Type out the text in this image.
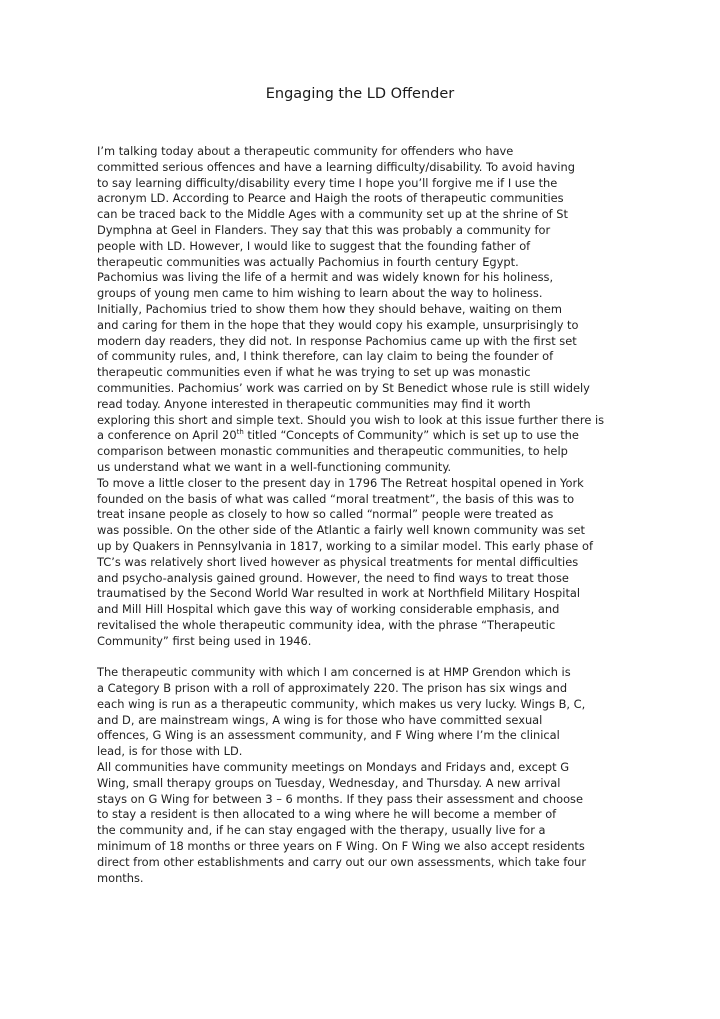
Engaging the LD Offender
I’m talking today about a therapeutic community for offenders who have
committed serious offences and have a learning difficulty/disability. To avoid having
to say learning difficulty/disability every time I hope you’ll forgive me if I use the
acronym LD. According to Pearce and Haigh the roots of therapeutic communities
can be traced back to the Middle Ages with a community set up at the shrine of St
Dymphna at Geel in Flanders. They say that this was probably a community for
people with LD. However, I would like to suggest that the founding father of
therapeutic communities was actually Pachomius in fourth century Egypt.
Pachomius was living the life of a hermit and was widely known for his holiness,
groups of young men came to him wishing to learn about the way to holiness.
Initially, Pachomius tried to show them how they should behave, waiting on them
and caring for them in the hope that they would copy his example, unsurprisingly to
modern day readers, they did not. In response Pachomius came up with the first set
of community rules, and, I think therefore, can lay claim to being the founder of
therapeutic communities even if what he was trying to set up was monastic
communities. Pachomius’ work was carried on by St Benedict whose rule is still widely
read today. Anyone interested in therapeutic communities may find it worth
exploring this short and simple text. Should you wish to look at this issue further there is
a conference on April 20th titled “Concepts of Community” which is set up to use the
comparison between monastic communities and therapeutic communities, to help
us understand what we want in a well-functioning community.
To move a little closer to the present day in 1796 The Retreat hospital opened in York
founded on the basis of what was called “moral treatment”, the basis of this was to
treat insane people as closely to how so called “normal” people were treated as
was possible. On the other side of the Atlantic a fairly well known community was set
up by Quakers in Pennsylvania in 1817, working to a similar model. This early phase of
TC’s was relatively short lived however as physical treatments for mental difficulties
and psycho-analysis gained ground. However, the need to find ways to treat those
traumatised by the Second World War resulted in work at Northfield Military Hospital
and Mill Hill Hospital which gave this way of working considerable emphasis, and
revitalised the whole therapeutic community idea, with the phrase “Therapeutic
Community” first being used in 1946.
The therapeutic community with which I am concerned is at HMP Grendon which is
a Category B prison with a roll of approximately 220. The prison has six wings and
each wing is run as a therapeutic community, which makes us very lucky. Wings B, C,
and D, are mainstream wings, A wing is for those who have committed sexual
offences, G Wing is an assessment community, and F Wing where I’m the clinical
lead, is for those with LD.
All communities have community meetings on Mondays and Fridays and, except G
Wing, small therapy groups on Tuesday, Wednesday, and Thursday. A new arrival
stays on G Wing for between 3 – 6 months. If they pass their assessment and choose
to stay a resident is then allocated to a wing where he will become a member of
the community and, if he can stay engaged with the therapy, usually live for a
minimum of 18 months or three years on F Wing. On F Wing we also accept residents
direct from other establishments and carry out our own assessments, which take four
months.
